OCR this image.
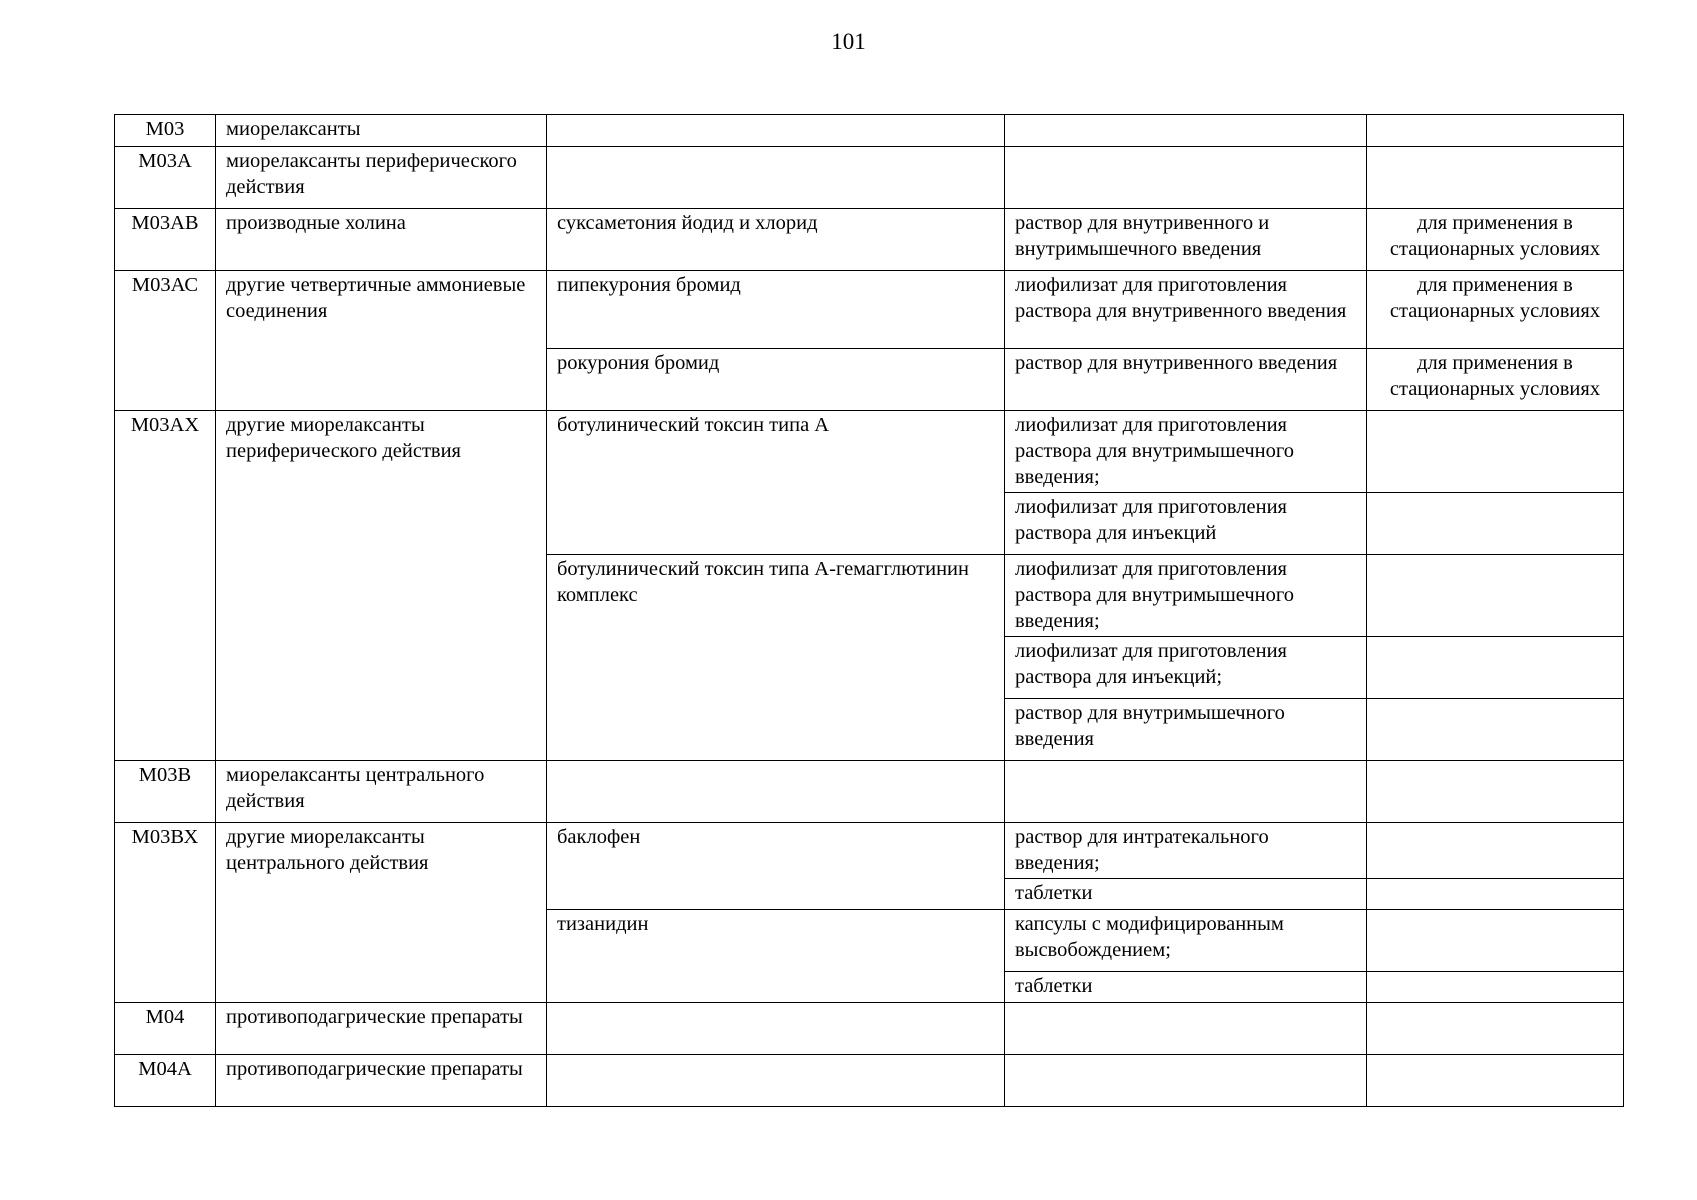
101
М03	миорелаксанты			
М03А	миорелаксанты периферического действия			
М03АВ	производные холина	суксаметония йодид и хлорид	раствор для внутривенного и внутримышечного введения	для применения в стационарных условиях
М03АС	другие четвертичные аммониевые соединения	пипекурония бромид	лиофилизат для приготовления раствора для внутривенного введения	для применения в стационарных условиях
		рокурония бромид	раствор для внутривенного введения	для применения в стационарных условиях
М03АХ	другие миорелаксанты периферического действия	ботулинический токсин типа А	лиофилизат для приготовления раствора для внутримышечного введения;	
			лиофилизат для приготовления раствора для инъекций	
		ботулинический токсин типа А-гемагглютинин комплекс	лиофилизат для приготовления раствора для внутримышечного введения;	
			лиофилизат для приготовления раствора для инъекций;	
			раствор для внутримышечного введения	
М03В	миорелаксанты центрального действия			
М03ВХ	другие миорелаксанты центрального действия	баклофен	раствор для интратекального введения;	
			таблетки	
		тизанидин	капсулы с модифицированным высвобождением;	
			таблетки	
М04	противоподагрические препараты			
М04А	противоподагрические препараты			
